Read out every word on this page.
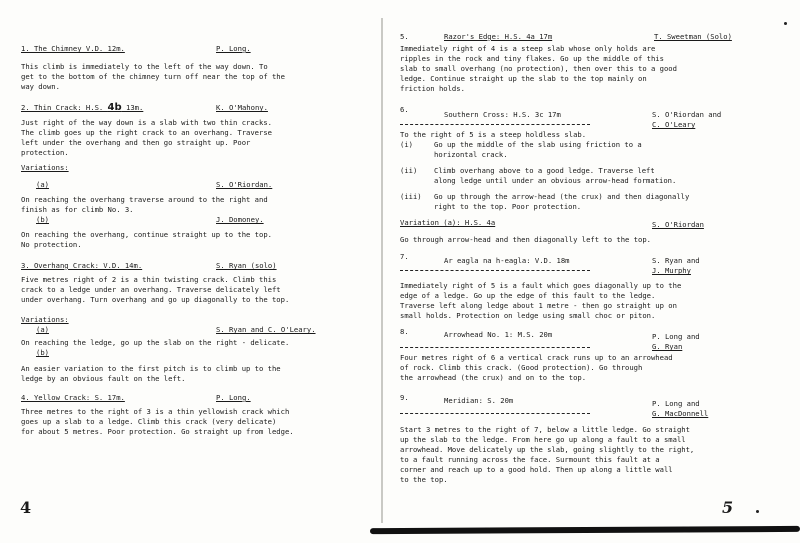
1. The Chimney V.D. 12m.	P. Long.
This climb is immediately to the left of the way down. To
get to the bottom of the chimney turn off near the top of the
way down.
2. Thin Crack: H.S. 4b 13m.	K. O'Mahony.
Just right of the way down is a slab with two thin cracks.
The climb goes up the right crack to an overhang. Traverse
left under the overhang and then go straight up. Poor
protection.
Variations:
(a)	S. O'Riordan.
On reaching the overhang traverse around to the right and
finish as for climb No. 3.
(b)	J. Domoney.
On reaching the overhang, continue straight up to the top.
No protection.
3. Overhang Crack: V.D. 14m.	S. Ryan (solo)
Five metres right of 2 is a thin twisting crack. Climb this
crack to a ledge under an overhang. Traverse delicately left
under overhang. Turn overhang and go up diagonally to the top.
Variations:
(a)	S. Ryan and C. O'Leary.
On reaching the ledge, go up the slab on the right - delicate.
(b)
An easier variation to the first pitch is to climb up to the
ledge by an obvious fault on the left.
4. Yellow Crack: S. 17m.	P. Long.
Three metres to the right of 3 is a thin yellowish crack which
goes up a slab to a ledge. Climb this crack (very delicate)
for about 5 metres. Poor protection. Go straight up from ledge.
4
5.	Razor's Edge: H.S. 4a 17m	T. Sweetman (Solo)
Immediately right of 4 is a steep slab whose only holds are
ripples in the rock and tiny flakes. Go up the middle of this
slab to small overhang (no protection), then over this to a good
ledge. Continue straight up the slab to the top mainly on
friction holds.
6.
Southern Cross: H.S. 3c 17m	S. O'Riordan and
C. O'Leary
To the right of 5 is a steep holdless slab.
(i)	Go up the middle of the slab using friction to a
horizontal crack.
(ii) Climb overhang above to a good ledge. Traverse left
along ledge until under an obvious arrow-head formation.
(iii) Go up through the arrow-head (the crux) and then diagonally
right to the top. Poor protection.
Variation (a): H.S. 4a	S. O'Riordan
Go through arrow-head and then diagonally left to the top.
7.	Ar eagla na h-eagla: V.D. 18m	S. Ryan and
J. Murphy
Immediately right of 5 is a fault which goes diagonally up to the
edge of a ledge. Go up the edge of this fault to the ledge.
Traverse left along ledge about 1 metre - then go straight up on
small holds. Protection on ledge using small choc or piton.
8.	Arrowhead No. 1: M.S. 20m	P. Long and
G. Ryan
Four metres right of 6 a vertical crack runs up to an arrowhead
of rock. Climb this crack. (Good protection). Go through
the arrowhead (the crux) and on to the top.
9.	Meridian: S. 20m	P. Long and
G. MacDonnell
Start 3 metres to the right of 7, below a little ledge. Go straight
up the slab to the ledge. From here go up along a fault to a small
arrowhead. Move delicately up the slab, going slightly to the right,
to a fault running across the face. Surmount this fault at a
corner and reach up to a good hold. Then up along a little wall
to the top.
5
